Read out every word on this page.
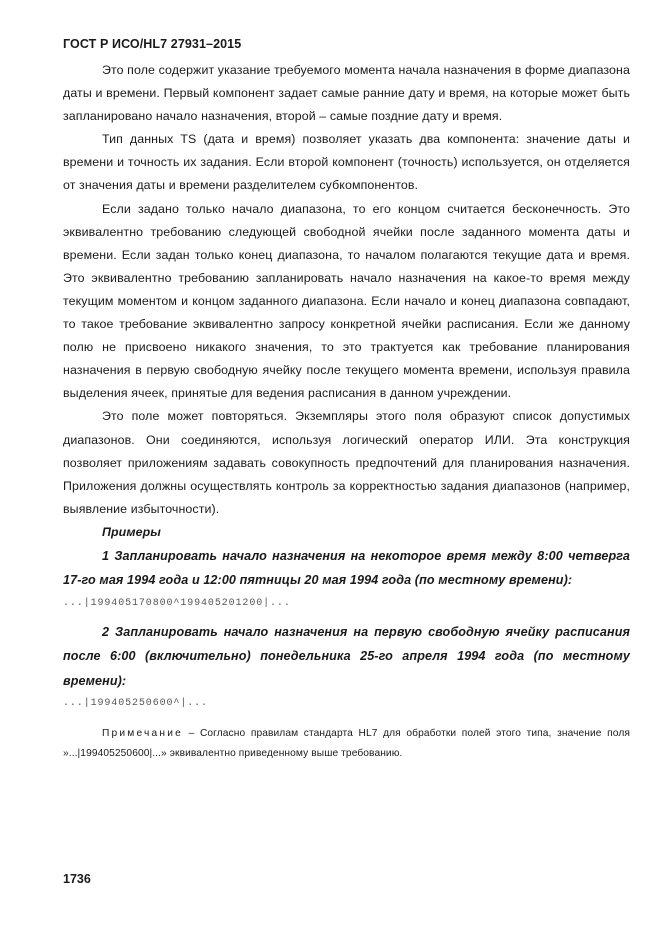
ГОСТ Р ИСО/HL7 27931–2015

Это поле содержит указание требуемого момента начала назначения в форме диапазона даты и времени. Первый компонент задает самые ранние дату и время, на которые может быть запланировано начало назначения, второй – самые поздние дату и время.

Тип данных TS (дата и время) позволяет указать два компонента: значение даты и времени и точность их задания. Если второй компонент (точность) используется, он отделяется от значения даты и времени разделителем субкомпонентов.

Если задано только начало диапазона, то его концом считается бесконечность. Это эквивалентно требованию следующей свободной ячейки после заданного момента даты и времени. Если задан только конец диапазона, то началом полагаются текущие дата и время. Это эквивалентно требованию запланировать начало назначения на какое-то время между текущим моментом и концом заданного диапазона. Если начало и конец диапазона совпадают, то такое требование эквивалентно запросу конкретной ячейки расписания. Если же данному полю не присвоено никакого значения, то это трактуется как требование планирования назначения в первую свободную ячейку после текущего момента времени, используя правила выделения ячеек, принятые для ведения расписания в данном учреждении.

Это поле может повторяться. Экземпляры этого поля образуют список допустимых диапазонов. Они соединяются, используя логический оператор ИЛИ. Эта конструкция позволяет приложениям задавать совокупность предпочтений для планирования назначения. Приложения должны осуществлять контроль за корректностью задания диапазонов (например, выявление избыточности).

Примеры

1 Запланировать начало назначения на некоторое время между 8:00 четверга 17-го мая 1994 года и 12:00 пятницы 20 мая 1994 года (по местному времени):

...|199405170800^199405201200|...

2 Запланировать начало назначения на первую свободную ячейку расписания после 6:00 (включительно) понедельника 25-го апреля 1994 года (по местному времени):

...|199405250600^|...
Примечание – Согласно правилам стандарта HL7 для обработки полей этого типа, значение поля »...|199405250600|...» эквивалентно приведенному выше требованию.
1736
